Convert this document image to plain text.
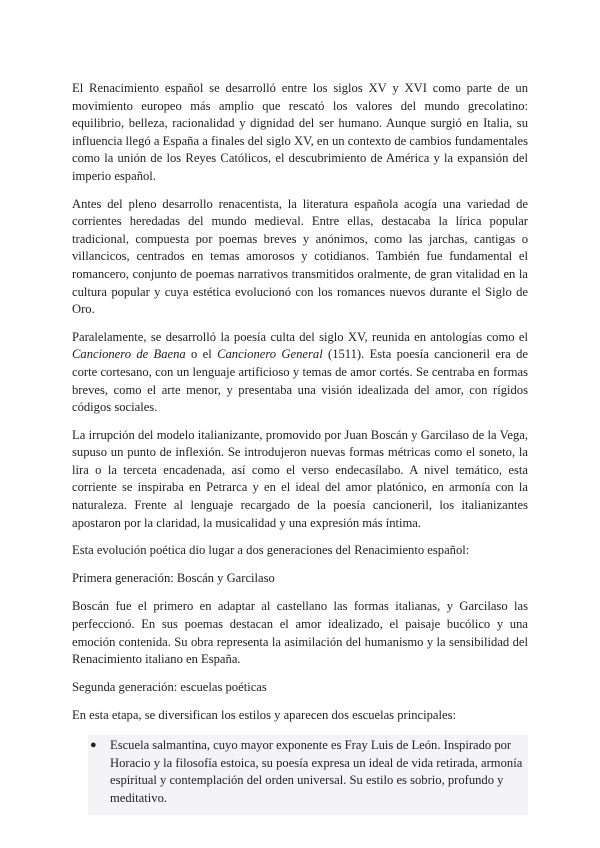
El Renacimiento español se desarrolló entre los siglos XV y XVI como parte de un movimiento europeo más amplio que rescató los valores del mundo grecolatino: equilibrio, belleza, racionalidad y dignidad del ser humano. Aunque surgió en Italia, su influencia llegó a España a finales del siglo XV, en un contexto de cambios fundamentales como la unión de los Reyes Católicos, el descubrimiento de América y la expansión del imperio español.

Antes del pleno desarrollo renacentista, la literatura española acogía una variedad de corrientes heredadas del mundo medieval. Entre ellas, destacaba la lírica popular tradicional, compuesta por poemas breves y anónimos, como las jarchas, cantigas o villancicos, centrados en temas amorosos y cotidianos. También fue fundamental el romancero, conjunto de poemas narrativos transmitidos oralmente, de gran vitalidad en la cultura popular y cuya estética evolucionó con los romances nuevos durante el Siglo de Oro.

Paralelamente, se desarrolló la poesía culta del siglo XV, reunida en antologías como el Cancionero de Baena o el Cancionero General (1511). Esta poesía cancioneril era de corte cortesano, con un lenguaje artificioso y temas de amor cortés. Se centraba en formas breves, como el arte menor, y presentaba una visión idealizada del amor, con rígidos códigos sociales.

La irrupción del modelo italianizante, promovido por Juan Boscán y Garcilaso de la Vega, supuso un punto de inflexión. Se introdujeron nuevas formas métricas como el soneto, la lira o la terceta encadenada, así como el verso endecasílabo. A nivel temático, esta corriente se inspiraba en Petrarca y en el ideal del amor platónico, en armonía con la naturaleza. Frente al lenguaje recargado de la poesía cancioneril, los italianizantes apostaron por la claridad, la musicalidad y una expresión más íntima.

Esta evolución poética dio lugar a dos generaciones del Renacimiento español:

Primera generación: Boscán y Garcilaso

Boscán fue el primero en adaptar al castellano las formas italianas, y Garcilaso las perfeccionó. En sus poemas destacan el amor idealizado, el paisaje bucólico y una emoción contenida. Su obra representa la asimilación del humanismo y la sensibilidad del Renacimiento italiano en España.

Segunda generación: escuelas poéticas

En esta etapa, se diversifican los estilos y aparecen dos escuelas principales:

●	Escuela salmantina, cuyo mayor exponente es Fray Luis de León. Inspirado por Horacio y la filosofía estoica, su poesía expresa un ideal de vida retirada, armonía espiritual y contemplación del orden universal. Su estilo es sobrio, profundo y meditativo.
